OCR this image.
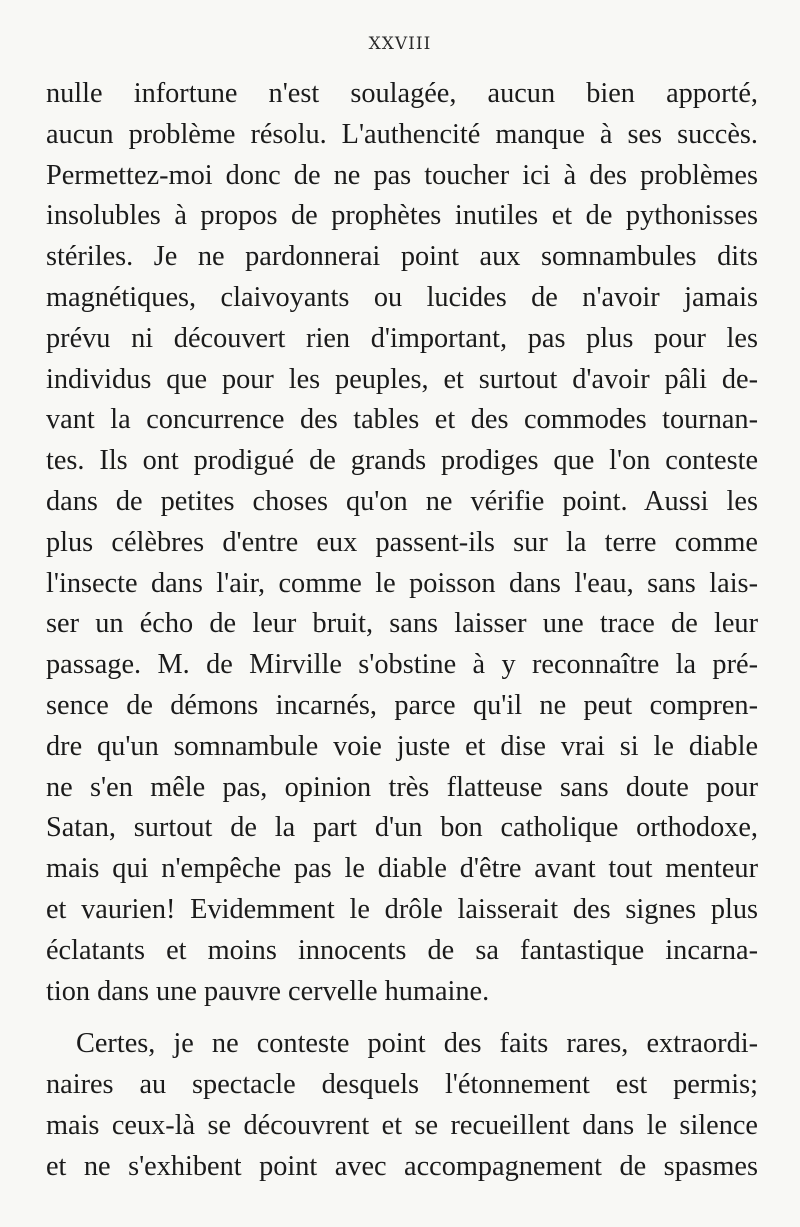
XXVIII
nulle infortune n'est soulagée, aucun bien apporté,
aucun problème résolu. L'authencité manque à ses succès.
Permettez-moi donc de ne pas toucher ici à des problèmes
insolubles à propos de prophètes inutiles et de pythonisses
stériles. Je ne pardonnerai point aux somnambules dits
magnétiques, claivoyants ou lucides de n'avoir jamais
prévu ni découvert rien d'important, pas plus pour les
individus que pour les peuples, et surtout d'avoir pâli de-
vant la concurrence des tables et des commodes tournan-
tes. Ils ont prodigué de grands prodiges que l'on conteste
dans de petites choses qu'on ne vérifie point. Aussi les
plus célèbres d'entre eux passent-ils sur la terre comme
l'insecte dans l'air, comme le poisson dans l'eau, sans lais-
ser un écho de leur bruit, sans laisser une trace de leur
passage. M. de Mirville s'obstine à y reconnaître la pré-
sence de démons incarnés, parce qu'il ne peut compren-
dre qu'un somnambule voie juste et dise vrai si le diable
ne s'en mêle pas, opinion très flatteuse sans doute pour
Satan, surtout de la part d'un bon catholique orthodoxe,
mais qui n'empêche pas le diable d'être avant tout menteur
et vaurien! Evidemment le drôle laisserait des signes plus
éclatants et moins innocents de sa fantastique incarna-
tion dans une pauvre cervelle humaine.
Certes, je ne conteste point des faits rares, extraordi-
naires au spectacle desquels l'étonnement est permis;
mais ceux-là se découvrent et se recueillent dans le silence
et ne s'exhibent point avec accompagnement de spasmes
